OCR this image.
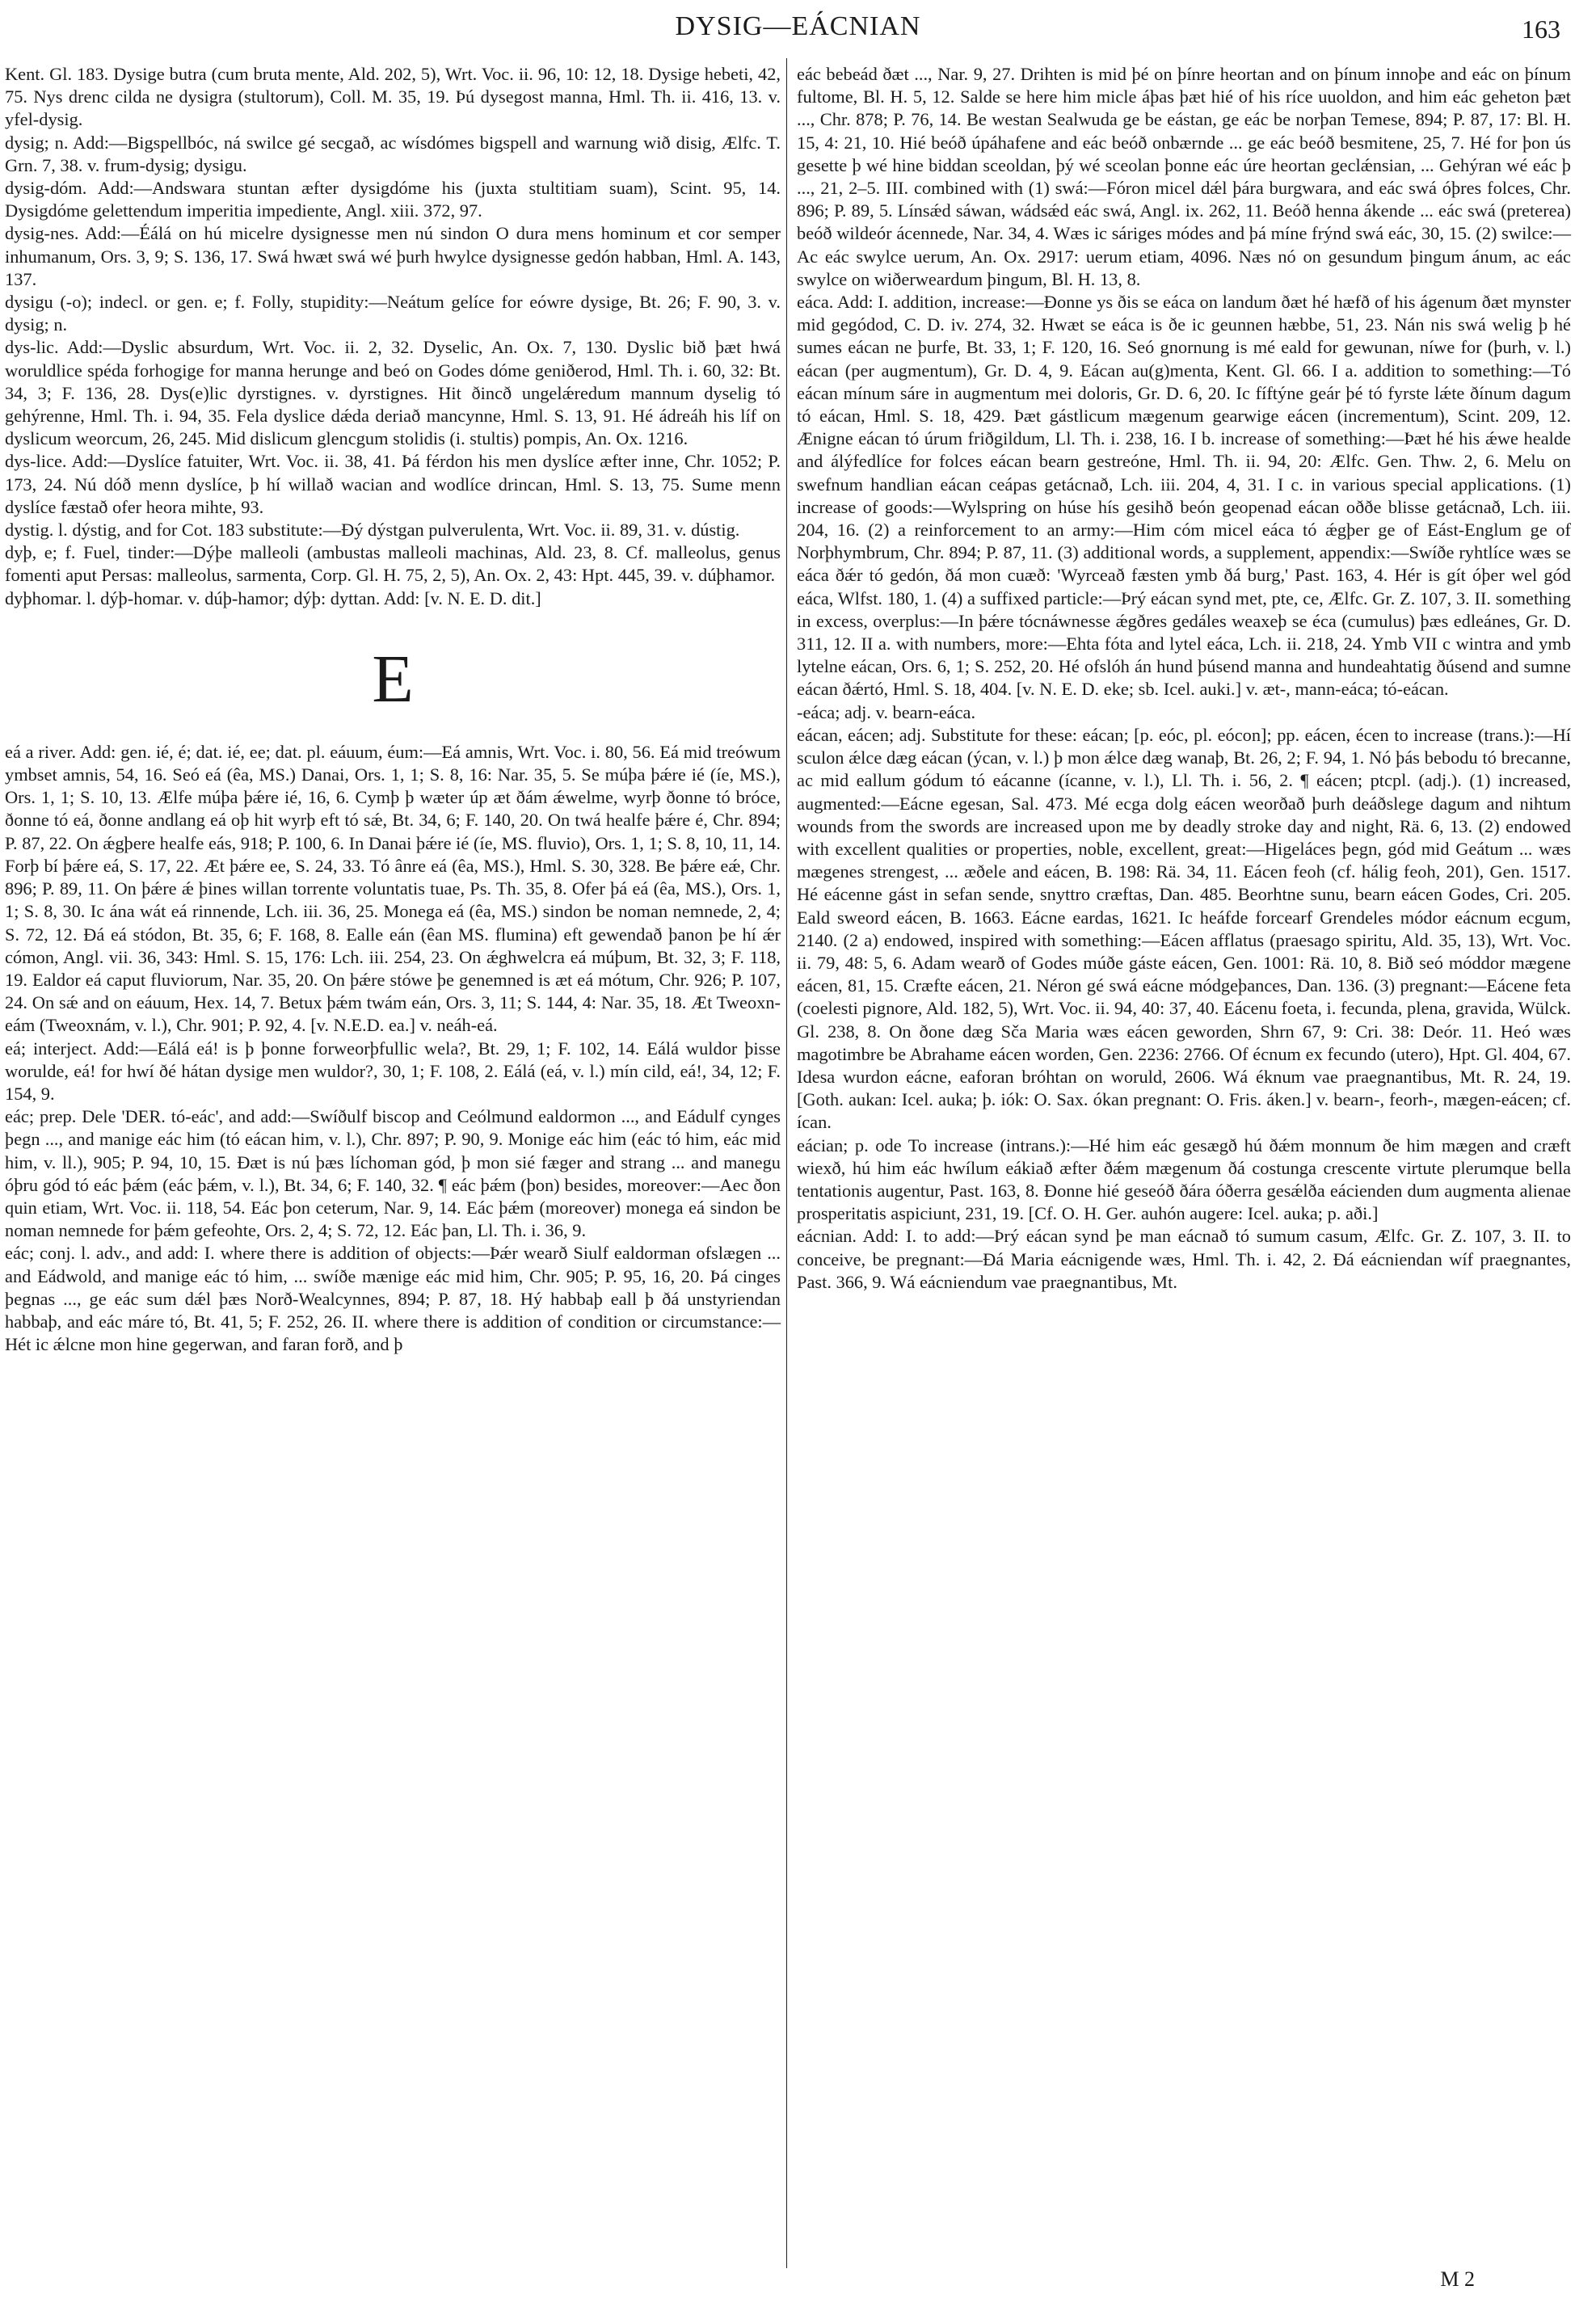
DYSIG—EÁCNIAN	163

Kent. Gl. 183. Dysige butra (cum bruta mente, Ald. 202, 5), Wrt. Voc. ii. 96, 10: 12, 18. Dysige hebeti, 42, 75. Nys drenc cilda ne dysigra (stultorum), Coll. M. 35, 19. Þú dysegost manna, Hml. Th. ii. 416, 13. v. yfel-dysig.

dysig; n. Add:—Bigspellbóc, ná swilce gé secgað, ac wísdómes bigspell and warnung wið disig, Ælfc. T. Grn. 7, 38. v. frum-dysig; dysigu.

dysig-dóm. Add:—Andswara stuntan æfter dysigdóme his (juxta stultitiam suam), Scint. 95, 14. Dysigdóme gelettendum imperitia impediente, Angl. xiii. 372, 97.

dysig-nes. Add:—Éálá on hú micelre dysignesse men nú sindon O dura mens hominum et cor semper inhumanum, Ors. 3, 9; S. 136, 17. Swá hwæt swá wé þurh hwylce dysignesse gedón habban, Hml. A. 143, 137.

dysigu (-o); indecl. or gen. e; f. Folly, stupidity:—Neátum gelíce for eówre dysige, Bt. 26; F. 90, 3. v. dysig; n.

dys-lic. Add:—Dyslic absurdum, Wrt. Voc. ii. 2, 32. Dyselic, An. Ox. 7, 130. Dyslic bið þæt hwá woruldlice spéda forhogige for manna herunge and beó on Godes dóme geniðerod, Hml. Th. i. 60, 32: Bt. 34, 3; F. 136, 28. Dys(e)lic dyrstignes. v. dyrstignes. Hit ðincð ungelǽredum mannum dyselig tó gehýrenne, Hml. Th. i. 94, 35. Fela dyslice dǽda deriað mancynne, Hml. S. 13, 91. Hé ádreáh his líf on dyslicum weorcum, 26, 245. Mid dislicum glencgum stolidis (i. stultis) pompis, An. Ox. 1216.

dys-lice. Add:—Dyslíce fatuiter, Wrt. Voc. ii. 38, 41. Þá férdon his men dyslíce æfter inne, Chr. 1052; P. 173, 24. Nú dóð menn dyslíce, þ hí willað wacian and wodlíce drincan, Hml. S. 13, 75. Sume menn dyslíce fæstað ofer heora mihte, 93.

dystig. l. dýstig, and for Cot. 183 substitute:—Ðý dýstgan pulverulenta, Wrt. Voc. ii. 89, 31. v. dústig.

dyþ, e; f. Fuel, tinder:—Dýþe malleoli (ambustas malleoli machinas, Ald. 23, 8. Cf. malleolus, genus fomenti aput Persas: malleolus, sarmenta, Corp. Gl. H. 75, 2, 5), An. Ox. 2, 43: Hpt. 445, 39. v. dúþhamor.

dyþhomar. l. dýþ-homar. v. dúþ-hamor; dýþ: dyttan. Add: [v. N. E. D. dit.]

E

eá a river. Add: gen. ié, é; dat. ié, ee; dat. pl. eáuum, éum:—Eá amnis, Wrt. Voc. i. 80, 56. Eá mid treówum ymbset amnis, 54, 16. Seó eá (êa, MS.) Danai, Ors. 1, 1; S. 8, 16: Nar. 35, 5. Se múþa þǽre ié (íe, MS.), Ors. 1, 1; S. 10, 13. Ælfe múþa þǽre ié, 16, 6. Cymþ þ wæter úp æt ðám ǽwelme, wyrþ ðonne tó bróce, ðonne tó eá, ðonne andlang eá oþ hit wyrþ eft tó sǽ, Bt. 34, 6; F. 140, 20. On twá healfe þǽre é, Chr. 894; P. 87, 22. On ǽgþere healfe eás, 918; P. 100, 6. In Danai þǽre ié (íe, MS. fluvio), Ors. 1, 1; S. 8, 10, 11, 14. Forþ bí þǽre eá, S. 17, 22. Æt þǽre ee, S. 24, 33. Tó ânre eá (êa, MS.), Hml. S. 30, 328. Be þǽre eǽ, Chr. 896; P. 89, 11. On þǽre ǽ þines willan torrente voluntatis tuae, Ps. Th. 35, 8. Ofer þá eá (êa, MS.), Ors. 1, 1; S. 8, 30. Ic ána wát eá rinnende, Lch. iii. 36, 25. Monega eá (êa, MS.) sindon be noman nemnede, 2, 4; S. 72, 12. Ðá eá stódon, Bt. 35, 6; F. 168, 8. Ealle eán (êan MS. flumina) eft gewendað þanon þe hí ǽr cómon, Angl. vii. 36, 343: Hml. S. 15, 176: Lch. iii. 254, 23. On ǽghwelcra eá múþum, Bt. 32, 3; F. 118, 19. Ealdor eá caput fluviorum, Nar. 35, 20. On þǽre stówe þe genemned is æt eá mótum, Chr. 926; P. 107, 24. On sǽ and on eáuum, Hex. 14, 7. Betux þǽm twám eán, Ors. 3, 11; S. 144, 4: Nar. 35, 18. Æt Tweoxn-eám (Tweoxnám, v. l.), Chr. 901; P. 92, 4. [v. N.E.D. ea.] v. neáh-eá.

eá; interject. Add:—Eálá eá! is þ þonne forweorþfullic wela?, Bt. 29, 1; F. 102, 14. Eálá wuldor þisse worulde, eá! for hwí ðé hátan dysige men wuldor?, 30, 1; F. 108, 2. Eálá (eá, v. l.) mín cild, eá!, 34, 12; F. 154, 9.

eác; prep. Dele 'DER. tó-eác', and add:—Swíðulf biscop and Ceólmund ealdormon ..., and Eádulf cynges þegn ..., and manige eác him (tó eácan him, v. l.), Chr. 897; P. 90, 9. Monige eác him (eác tó him, eác mid him, v. ll.), 905; P. 94, 10, 15. Ðæt is nú þæs líchoman gód, þ mon sié fæger and strang ... and manegu óþru gód tó eác þǽm (eác þǽm, v. l.), Bt. 34, 6; F. 140, 32. ¶ eác þǽm (þon) besides, moreover:—Aec ðon quin etiam, Wrt. Voc. ii. 118, 54. Eác þon ceterum, Nar. 9, 14. Eác þǽm (moreover) monega eá sindon be noman nemnede for þǽm gefeohte, Ors. 2, 4; S. 72, 12. Eác þan, Ll. Th. i. 36, 9.

eác; conj. l. adv., and add: I. where there is addition of objects:—Þǽr wearð Siulf ealdorman ofslægen ... and Eádwold, and manige eác tó him, ... swíðe mænige eác mid him, Chr. 905; P. 95, 16, 20. Þá cinges þegnas ..., ge eác sum dǽl þæs Norð-Wealcynnes, 894; P. 87, 18. Hý habbaþ eall þ ðá unstyriendan habbaþ, and eác máre tó, Bt. 41, 5; F. 252, 26. II. where there is addition of condition or circumstance:—Hét ic ǽlcne mon hine gegerwan, and faran forð, and þ

eác bebeád ðæt ..., Nar. 9, 27. Drihten is mid þé on þínre heortan and on þínum innoþe and eác on þínum fultome, Bl. H. 5, 12. Salde se here him micle áþas þæt hié of his ríce uuoldon, and him eác geheton þæt ..., Chr. 878; P. 76, 14. Be westan Sealwuda ge be eástan, ge eác be norþan Temese, 894; P. 87, 17: Bl. H. 15, 4: 21, 10. Hié beóð úpáhafene and eác beóð onbærnde ... ge eác beóð besmitene, 25, 7. Hé for þon ús gesette þ wé hine biddan sceoldan, þý wé sceolan þonne eác úre heortan geclǽnsian, ... Gehýran wé eác þ ..., 21, 2–5. III. combined with (1) swá:—Fóron micel dǽl þára burgwara, and eác swá óþres folces, Chr. 896; P. 89, 5. Línsǽd sáwan, wádsǽd eác swá, Angl. ix. 262, 11. Beóð henna ákende ... eác swá (preterea) beóð wildeór ácennede, Nar. 34, 4. Wæs ic sáriges módes and þá míne frýnd swá eác, 30, 15. (2) swilce:—Ac eác swylce uerum, An. Ox. 2917: uerum etiam, 4096. Næs nó on gesundum þingum ánum, ac eác swylce on wiðerweardum þingum, Bl. H. 13, 8.

eáca. Add: I. addition, increase:—Ðonne ys ðis se eáca on landum ðæt hé hæfð of his ágenum ðæt mynster mid gegódod, C. D. iv. 274, 32. Hwæt se eáca is ðe ic geunnen hæbbe, 51, 23. Nán nis swá welig þ hé sumes eácan ne þurfe, Bt. 33, 1; F. 120, 16. Seó gnornung is mé eald for gewunan, níwe for (þurh, v. l.) eácan (per augmentum), Gr. D. 4, 9. Eácan au(g)menta, Kent. Gl. 66. I a. addition to something:—Tó eácan mínum sáre in augmentum mei doloris, Gr. D. 6, 20. Ic fíftýne geár þé tó fyrste lǽte ðínum dagum tó eácan, Hml. S. 18, 429. Þæt gástlicum mægenum gearwige eácen (incrementum), Scint. 209, 12. Ænigne eácan tó úrum friðgildum, Ll. Th. i. 238, 16. I b. increase of something:—Þæt hé his ǽwe healde and álýfedlíce for folces eácan bearn gestreóne, Hml. Th. ii. 94, 20: Ælfc. Gen. Thw. 2, 6. Melu on swefnum handlian eácan ceápas getácnað, Lch. iii. 204, 4, 31. I c. in various special applications. (1) increase of goods:—Wylspring on húse hís gesihð beón geopenad eácan oððe blisse getácnað, Lch. iii. 204, 16. (2) a reinforcement to an army:—Him cóm micel eáca tó ǽgþer ge of Eást-Englum ge of Norþhymbrum, Chr. 894; P. 87, 11. (3) additional words, a supplement, appendix:—Swíðe ryhtlíce wæs se eáca ðǽr tó gedón, ðá mon cuæð: 'Wyrceað fæsten ymb ðá burg,' Past. 163, 4. Hér is gít óþer wel gód eáca, Wlfst. 180, 1. (4) a suffixed particle:—Þrý eácan synd met, pte, ce, Ælfc. Gr. Z. 107, 3. II. something in excess, overplus:—In þǽre tócnáwnesse ǽgðres gedáles weaxeþ se éca (cumulus) þæs edleánes, Gr. D. 311, 12. II a. with numbers, more:—Ehta fóta and lytel eáca, Lch. ii. 218, 24. Ymb VII c wintra and ymb lytelne eácan, Ors. 6, 1; S. 252, 20. Hé ofslóh án hund þúsend manna and hundeahtatig ðúsend and sumne eácan ðǽrtó, Hml. S. 18, 404. [v. N. E. D. eke; sb. Icel. auki.] v. æt-, mann-eáca; tó-eácan.

-eáca; adj. v. bearn-eáca.

eácan, eácen; adj. Substitute for these: eácan; [p. eóc, pl. eócon]; pp. eácen, écen to increase (trans.):—Hí sculon ǽlce dæg eácan (ýcan, v. l.) þ mon ǽlce dæg wanaþ, Bt. 26, 2; F. 94, 1. Nó þás bebodu tó brecanne, ac mid eallum gódum tó eácanne (ícanne, v. l.), Ll. Th. i. 56, 2. ¶ eácen; ptcpl. (adj.). (1) increased, augmented:—Eácne egesan, Sal. 473. Mé ecga dolg eácen weorðað þurh deáðslege dagum and nihtum wounds from the swords are increased upon me by deadly stroke day and night, Rä. 6, 13. (2) endowed with excellent qualities or properties, noble, excellent, great:—Higeláces þegn, gód mid Geátum ... wæs mægenes strengest, ... æðele and eácen, B. 198: Rä. 34, 11. Eácen feoh (cf. hálig feoh, 201), Gen. 1517. Hé eácenne gást in sefan sende, snyttro cræftas, Dan. 485. Beorhtne sunu, bearn eácen Godes, Cri. 205. Eald sweord eácen, B. 1663. Eácne eardas, 1621. Ic heáfde forcearf Grendeles módor eácnum ecgum, 2140. (2 a) endowed, inspired with something:—Eácen afflatus (praesago spiritu, Ald. 35, 13), Wrt. Voc. ii. 79, 48: 5, 6. Adam wearð of Godes múðe gáste eácen, Gen. 1001: Rä. 10, 8. Bið seó móddor mægene eácen, 81, 15. Cræfte eácen, 21. Néron gé swá eácne módgeþances, Dan. 136. (3) pregnant:—Eácene feta (coelesti pignore, Ald. 182, 5), Wrt. Voc. ii. 94, 40: 37, 40. Eácenu foeta, i. fecunda, plena, gravida, Wülck. Gl. 238, 8. On ðone dæg Sča Maria wæs eácen geworden, Shrn 67, 9: Cri. 38: Deór. 11. Heó wæs magotimbre be Abrahame eácen worden, Gen. 2236: 2766. Of écnum ex fecundo (utero), Hpt. Gl. 404, 67. Idesa wurdon eácne, eaforan bróhtan on woruld, 2606. Wá éknum vae praegnantibus, Mt. R. 24, 19. [Goth. aukan: Icel. auka; þ. iók: O. Sax. ókan pregnant: O. Fris. áken.] v. bearn-, feorh-, mægen-eácen; cf. ícan.

eácian; p. ode To increase (intrans.):—Hé him eác gesægð hú ðǽm monnum ðe him mægen and cræft wiexð, hú him eác hwílum eákiað æfter ðǽm mægenum ðá costunga crescente virtute plerumque bella tentationis augentur, Past. 163, 8. Ðonne hié geseóð ðára óðerra gesǽlða eácienden dum augmenta alienae prosperitatis aspiciunt, 231, 19. [Cf. O. H. Ger. auhón augere: Icel. auka; p. aði.]

eácnian. Add: I. to add:—Þrý eácan synd þe man eácnað tó sumum casum, Ælfc. Gr. Z. 107, 3. II. to conceive, be pregnant:—Ðá Maria eácnigende wæs, Hml. Th. i. 42, 2. Ðá eácniendan wíf praegnantes, Past. 366, 9. Wá eácniendum vae praegnantibus, Mt.

M 2
